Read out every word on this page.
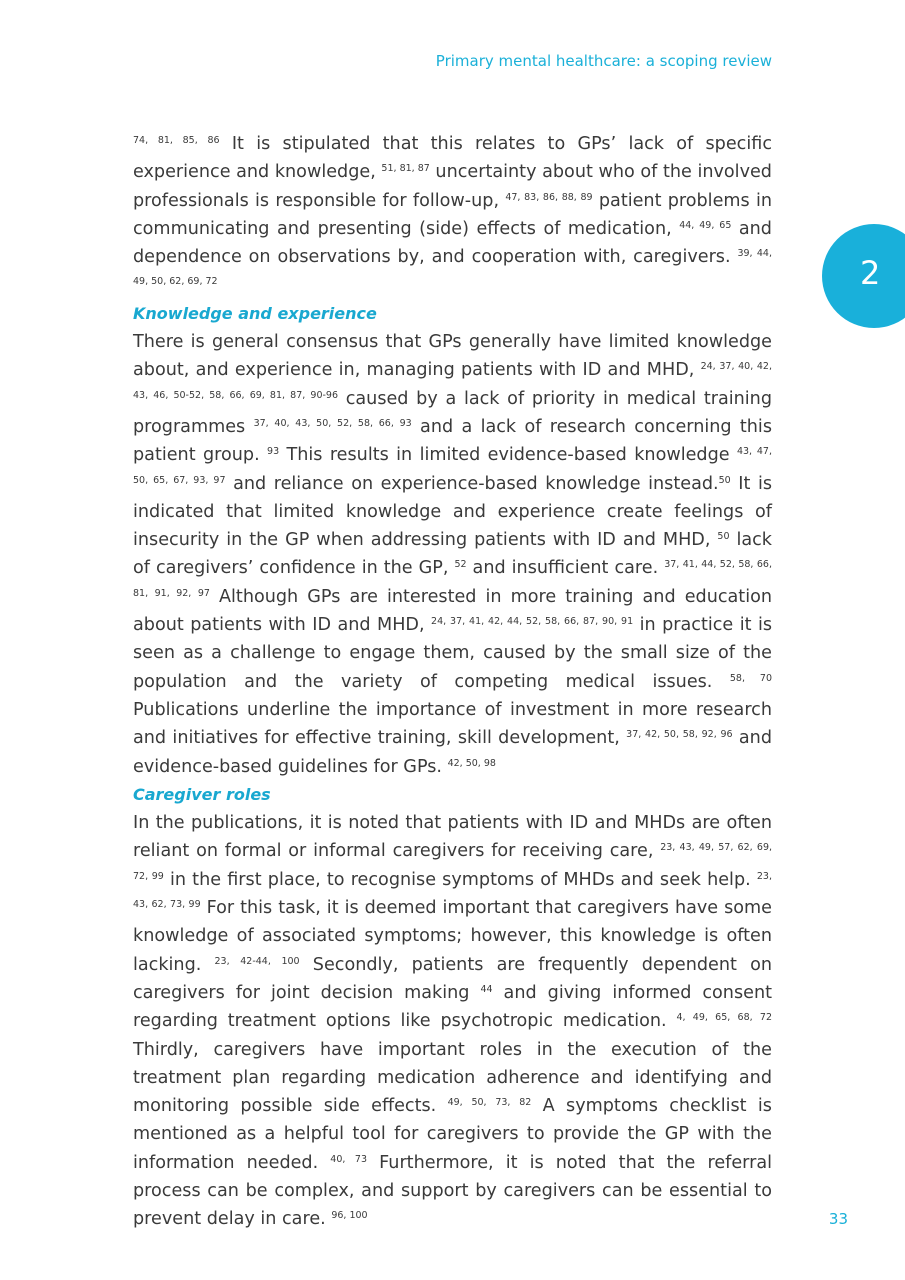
Primary mental healthcare: a scoping review
2

$^{74, 81, 85, 86}$ It is stipulated that this relates to GPs’ lack of specific experience and knowledge, $^{51, 81, 87}$ uncertainty about who of the involved professionals is responsible for follow-up, $^{47, 83, 86, 88, 89}$ patient problems in communicating and presenting (side) effects of medication, $^{44, 49, 65}$ and dependence on observations by, and cooperation with, caregivers. $^{39, 44, 49, 50, 62, 69, 72}$

Knowledge and experience

There is general consensus that GPs generally have limited knowledge about, and experience in, managing patients with ID and MHD, $^{24, 37, 40, 42, 43, 46, 50-52, 58, 66, 69, 81, 87, 90-96}$ caused by a lack of priority in medical training programmes $^{37, 40, 43, 50, 52, 58, 66, 93}$ and a lack of research concerning this patient group. $^{93}$ This results in limited evidence-based knowledge $^{43, 47, 50, 65, 67, 93, 97}$ and reliance on experience-based knowledge instead.$^{50}$ It is indicated that limited knowledge and experience create feelings of insecurity in the GP when addressing patients with ID and MHD, $^{50}$ lack of caregivers’ confidence in the GP, $^{52}$ and insufficient care. $^{37, 41, 44, 52, 58, 66, 81, 91, 92, 97}$ Although GPs are interested in more training and education about patients with ID and MHD, $^{24, 37, 41, 42, 44, 52, 58, 66, 87, 90, 91}$ in practice it is seen as a challenge to engage them, caused by the small size of the population and the variety of competing medical issues. $^{58, 70}$ Publications underline the importance of investment in more research and initiatives for effective training, skill development, $^{37, 42, 50, 58, 92, 96}$ and evidence-based guidelines for GPs. $^{42, 50, 98}$

Caregiver roles

In the publications, it is noted that patients with ID and MHDs are often reliant on formal or informal caregivers for receiving care, $^{23, 43, 49, 57, 62, 69, 72, 99}$ in the first place, to recognise symptoms of MHDs and seek help. $^{23, 43, 62, 73, 99}$ For this task, it is deemed important that caregivers have some knowledge of associated symptoms; however, this knowledge is often lacking. $^{23, 42-44, 100}$ Secondly, patients are frequently dependent on caregivers for joint decision making $^{44}$ and giving informed consent regarding treatment options like psychotropic medication. $^{4, 49, 65, 68, 72}$ Thirdly, caregivers have important roles in the execution of the treatment plan regarding medication adherence and identifying and monitoring possible side effects. $^{49, 50, 73, 82}$ A symptoms checklist is mentioned as a helpful tool for caregivers to provide the GP with the information needed. $^{40, 73}$ Furthermore, it is noted that the referral process can be complex, and support by caregivers can be essential to prevent delay in care. $^{96, 100}$	33
